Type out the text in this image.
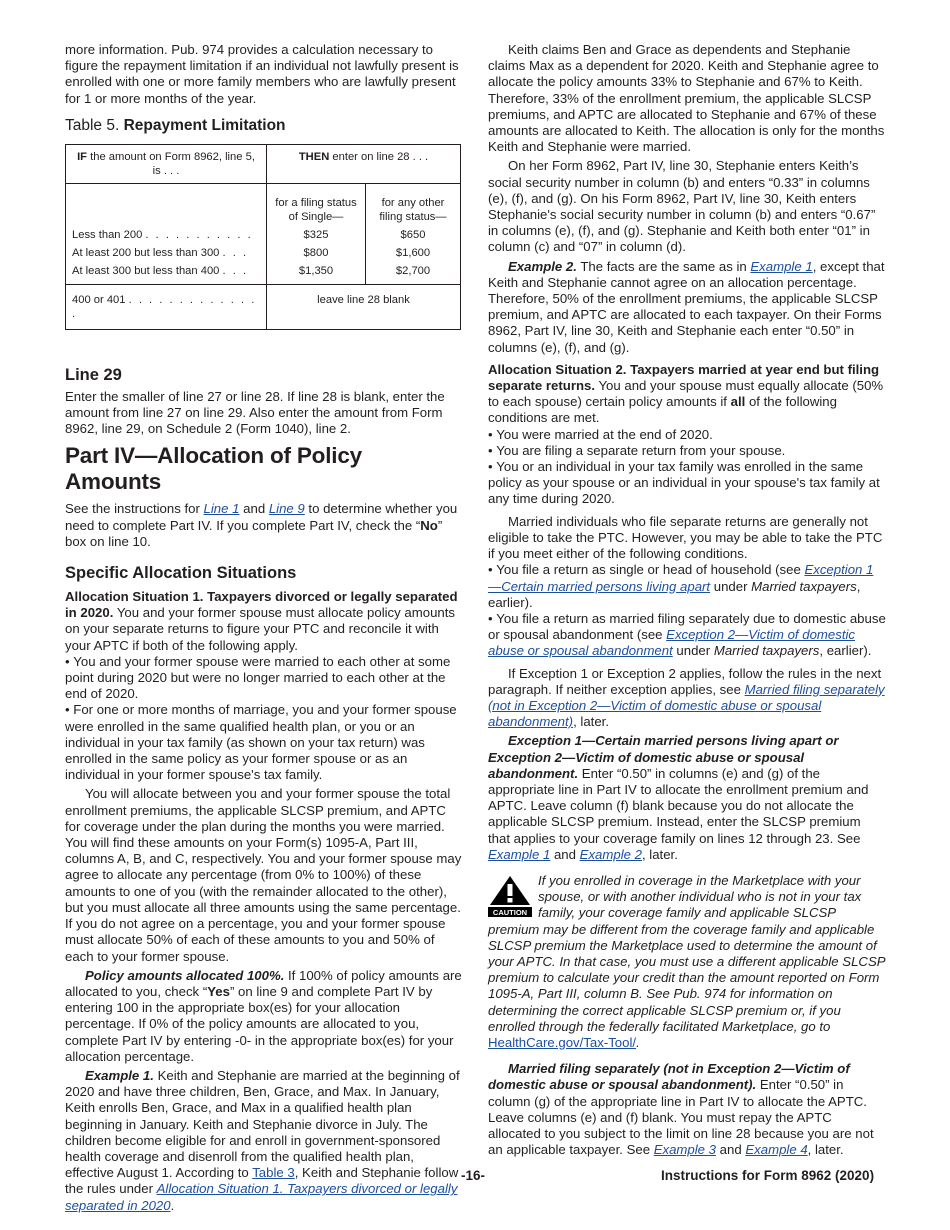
more information. Pub. 974 provides a calculation necessary to figure the repayment limitation if an individual not lawfully present is enrolled with one or more family members who are lawfully present for 1 or more months of the year.

Table 5. Repayment Limitation
IF the amount on Form 8962, line 5, is . . .	THEN enter on line 28 . . .	

	for a filing status of Single—	for any other filing status—
Less than 200 . . . . . . . . . . .	$325	$650
At least 200 but less than 300 . . .	$800	$1,600
At least 300 but less than 400 . . .	$1,350	$2,700
400 or 401 . . . . . . . . . . . . . .	leave line 28 blank	
Line 29

Enter the smaller of line 27 or line 28. If line 28 is blank, enter the amount from line 27 on line 29. Also enter the amount from Form 8962, line 29, on Schedule 2 (Form 1040), line 2.

Part IV—Allocation of Policy Amounts

See the instructions for Line 1 and Line 9 to determine whether you need to complete Part IV. If you complete Part IV, check the “No” box on line 10.

Specific Allocation Situations

Allocation Situation 1. Taxpayers divorced or legally separated in 2020. You and your former spouse must allocate policy amounts on your separate returns to figure your PTC and reconcile it with your APTC if both of the following apply.

• You and your former spouse were married to each other at some point during 2020 but were no longer married to each other at the end of 2020.

• For one or more months of marriage, you and your former spouse were enrolled in the same qualified health plan, or you or an individual in your tax family (as shown on your tax return) was enrolled in the same policy as your former spouse or as an individual in your former spouse's tax family.

You will allocate between you and your former spouse the total enrollment premiums, the applicable SLCSP premium, and APTC for coverage under the plan during the months you were married. You will find these amounts on your Form(s) 1095-A, Part III, columns A, B, and C, respectively. You and your former spouse may agree to allocate any percentage (from 0% to 100%) of these amounts to one of you (with the remainder allocated to the other), but you must allocate all three amounts using the same percentage. If you do not agree on a percentage, you and your former spouse must allocate 50% of each of these amounts to you and 50% of each to your former spouse.

Policy amounts allocated 100%. If 100% of policy amounts are allocated to you, check “Yes” on line 9 and complete Part IV by entering 100 in the appropriate box(es) for your allocation percentage. If 0% of the policy amounts are allocated to you, complete Part IV by entering -0- in the appropriate box(es) for your allocation percentage.

Example 1. Keith and Stephanie are married at the beginning of 2020 and have three children, Ben, Grace, and Max. In January, Keith enrolls Ben, Grace, and Max in a qualified health plan beginning in January. Keith and Stephanie divorce in July. The children become eligible for and enroll in government-sponsored health coverage and disenroll from the qualified health plan, effective August 1. According to Table 3, Keith and Stephanie follow the rules under Allocation Situation 1. Taxpayers divorced or legally separated in 2020.

Keith claims Ben and Grace as dependents and Stephanie claims Max as a dependent for 2020. Keith and Stephanie agree to allocate the policy amounts 33% to Stephanie and 67% to Keith. Therefore, 33% of the enrollment premium, the applicable SLCSP premiums, and APTC are allocated to Stephanie and 67% of these amounts are allocated to Keith. The allocation is only for the months Keith and Stephanie were married.

On her Form 8962, Part IV, line 30, Stephanie enters Keith’s social security number in column (b) and enters “0.33” in columns (e), (f), and (g). On his Form 8962, Part IV, line 30, Keith enters Stephanie's social security number in column (b) and enters “0.67” in columns (e), (f), and (g). Stephanie and Keith both enter “01” in column (c) and “07” in column (d).

Example 2. The facts are the same as in Example 1, except that Keith and Stephanie cannot agree on an allocation percentage. Therefore, 50% of the enrollment premiums, the applicable SLCSP premium, and APTC are allocated to each taxpayer. On their Forms 8962, Part IV, line 30, Keith and Stephanie each enter “0.50” in columns (e), (f), and (g).

Allocation Situation 2. Taxpayers married at year end but filing separate returns. You and your spouse must equally allocate (50% to each spouse) certain policy amounts if all of the following conditions are met.

• You were married at the end of 2020.

• You are filing a separate return from your spouse.

• You or an individual in your tax family was enrolled in the same policy as your spouse or an individual in your spouse's tax family at any time during 2020.

Married individuals who file separate returns are generally not eligible to take the PTC. However, you may be able to take the PTC if you meet either of the following conditions.

• You file a return as single or head of household (see Exception 1—Certain married persons living apart under Married taxpayers, earlier).

• You file a return as married filing separately due to domestic abuse or spousal abandonment (see Exception 2—Victim of domestic abuse or spousal abandonment under Married taxpayers, earlier).

If Exception 1 or Exception 2 applies, follow the rules in the next paragraph. If neither exception applies, see Married filing separately (not in Exception 2—Victim of domestic abuse or spousal abandonment), later.

Exception 1—Certain married persons living apart or Exception 2—Victim of domestic abuse or spousal abandonment. Enter “0.50” in columns (e) and (g) of the appropriate line in Part IV to allocate the enrollment premium and APTC. Leave column (f) blank because you do not allocate the applicable SLCSP premium. Instead, enter the SLCSP premium that applies to your coverage family on lines 12 through 23. See Example 1 and Example 2, later.

CAUTION

If you enrolled in coverage in the Marketplace with your spouse, or with another individual who is not in your tax family, your coverage family and applicable SLCSP premium may be different from the coverage family and applicable SLCSP premium the Marketplace used to determine the amount of your APTC. In that case, you must use a different applicable SLCSP premium to calculate your credit than the amount reported on Form 1095-A, Part III, column B. See Pub. 974 for information on determining the correct applicable SLCSP premium or, if you enrolled through the federally facilitated Marketplace, go to HealthCare.gov/Tax-Tool/.

Married filing separately (not in Exception 2—Victim of domestic abuse or spousal abandonment). Enter “0.50” in column (g) of the appropriate line in Part IV to allocate the APTC. Leave columns (e) and (f) blank. You must repay the APTC allocated to you subject to the limit on line 28 because you are not an applicable taxpayer. See Example 3 and Example 4, later.

-16-	Instructions for Form 8962 (2020)
